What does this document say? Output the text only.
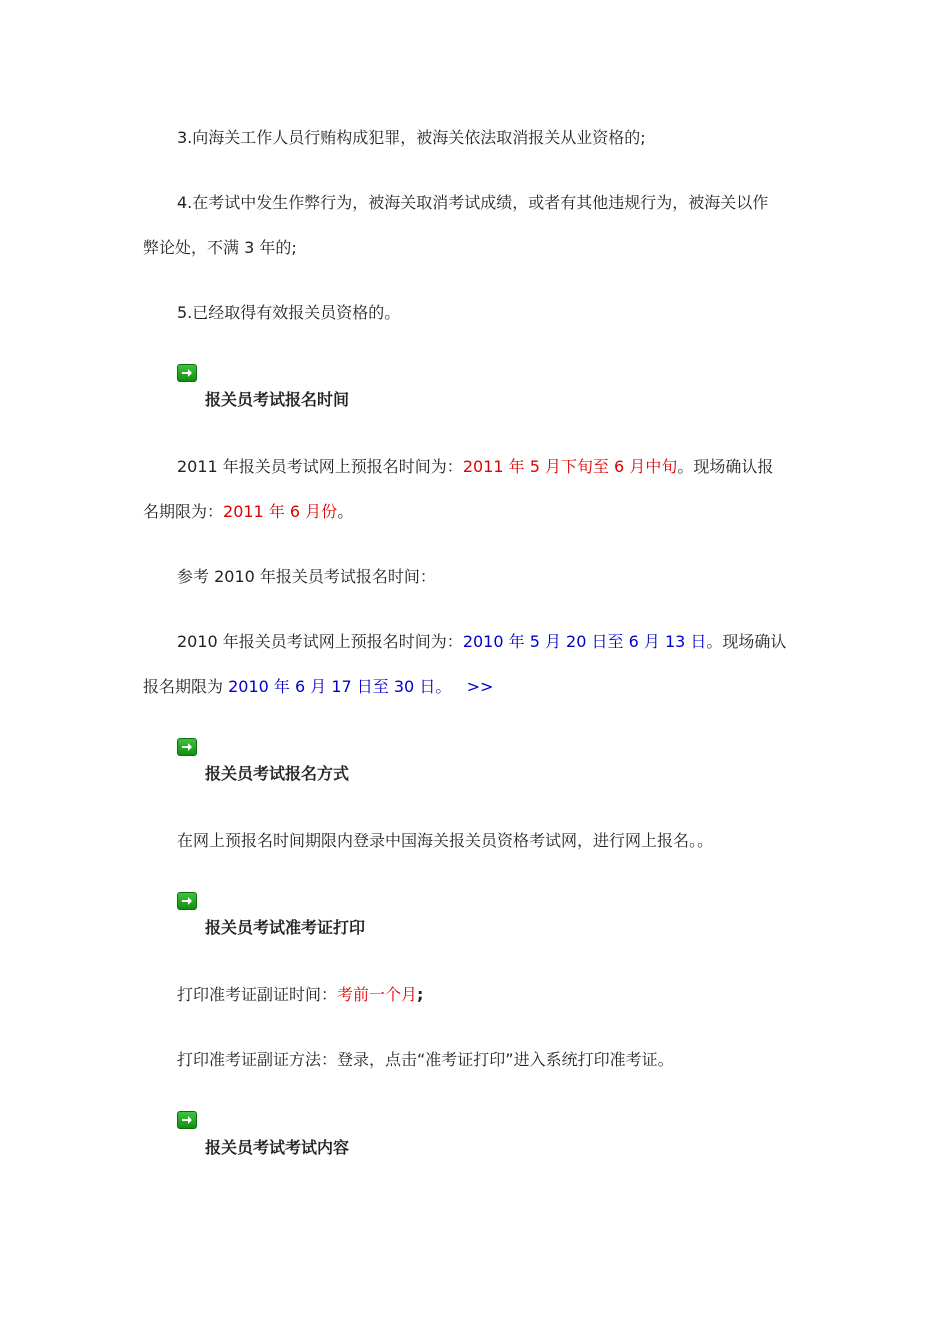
3.向海关工作人员行贿构成犯罪，被海关依法取消报关从业资格的;
4.在考试中发生作弊行为，被海关取消考试成绩，或者有其他违规行为，被海关以作
弊论处，不满 3 年的;
5.已经取得有效报关员资格的。
报关员考试报名时间
2011 年报关员考试网上预报名时间为：2011 年 5 月下旬至 6 月中旬。现场确认报
名期限为：2011 年 6 月份。
参考 2010 年报关员考试报名时间：
2010 年报关员考试网上预报名时间为：2010 年 5 月 20 日至 6 月 13 日。现场确认
报名期限为 2010 年 6 月 17 日至 30 日。 >>
报关员考试报名方式
在网上预报名时间期限内登录中国海关报关员资格考试网，进行网上报名。。
报关员考试准考证打印
打印准考证副证时间：考前一个月;
打印准考证副证方法：登录，点击“准考证打印”进入系统打印准考证。
报关员考试考试内容
